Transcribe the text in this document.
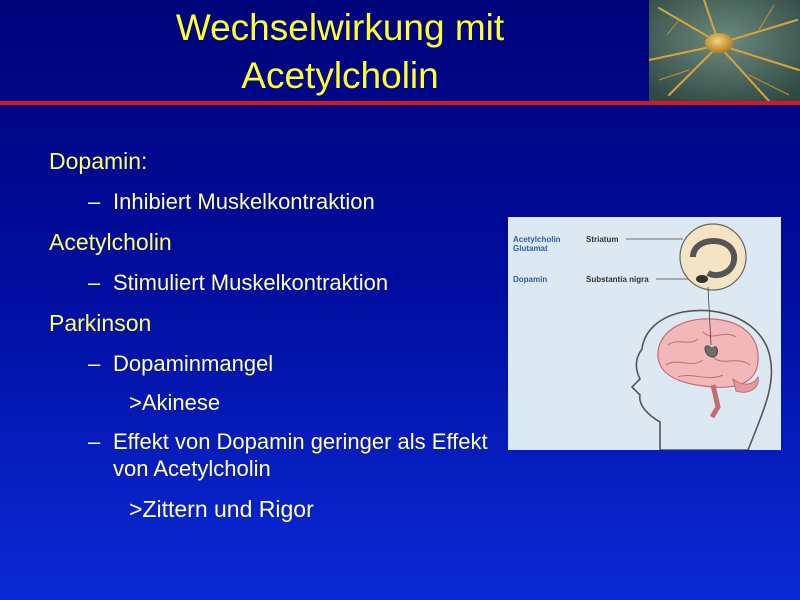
Wechselwirkung mit
Acetylcholin
Dopamin:
– Inhibiert Muskelkontraktion
Acetylcholin
– Stimuliert Muskelkontraktion
Parkinson
– Dopaminmangel
>Akinese
– Effekt von Dopamin geringer als Effekt von Acetylcholin
>Zittern und Rigor
Acetylcholin
Glutamat
Striatum
Dopamin	Substantia nigra
